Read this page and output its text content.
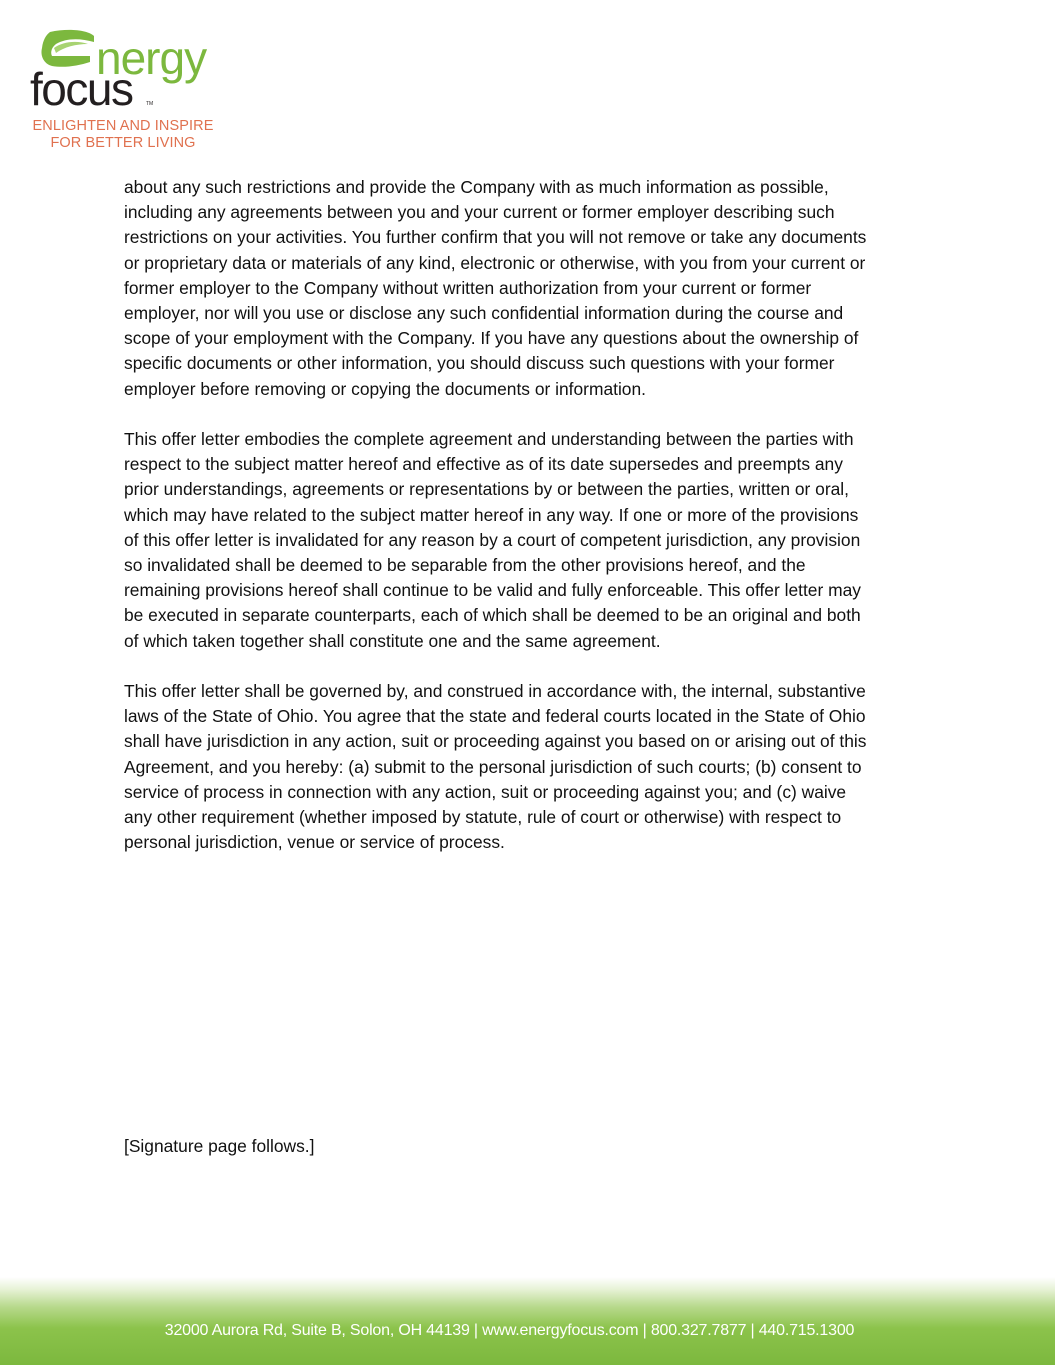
nergy
focus	TM
ENLIGHTEN AND INSPIRE
FOR BETTER LIVING

about any such restrictions and provide the Company with as much information as possible, including any agreements between you and your current or former employer describing such restrictions on your activities. You further confirm that you will not remove or take any documents or proprietary data or materials of any kind, electronic or otherwise, with you from your current or former employer to the Company without written authorization from your current or former employer, nor will you use or disclose any such confidential information during the course and scope of your employment with the Company. If you have any questions about the ownership of specific documents or other information, you should discuss such questions with your former employer before removing or copying the documents or information.

This offer letter embodies the complete agreement and understanding between the parties with respect to the subject matter hereof and effective as of its date supersedes and preempts any prior understandings, agreements or representations by or between the parties, written or oral, which may have related to the subject matter hereof in any way. If one or more of the provisions of this offer letter is invalidated for any reason by a court of competent jurisdiction, any provision so invalidated shall be deemed to be separable from the other provisions hereof, and the remaining provisions hereof shall continue to be valid and fully enforceable. This offer letter may be executed in separate counterparts, each of which shall be deemed to be an original and both of which taken together shall constitute one and the same agreement.

This offer letter shall be governed by, and construed in accordance with, the internal, substantive laws of the State of Ohio. You agree that the state and federal courts located in the State of Ohio shall have jurisdiction in any action, suit or proceeding against you based on or arising out of this Agreement, and you hereby: (a) submit to the personal jurisdiction of such courts; (b) consent to service of process in connection with any action, suit or proceeding against you; and (c) waive any other requirement (whether imposed by statute, rule of court or otherwise) with respect to personal jurisdiction, venue or service of process.

[Signature page follows.]
32000 Aurora Rd, Suite B, Solon, OH 44139 | www.energyfocus.com | 800.327.7877 | 440.715.1300
